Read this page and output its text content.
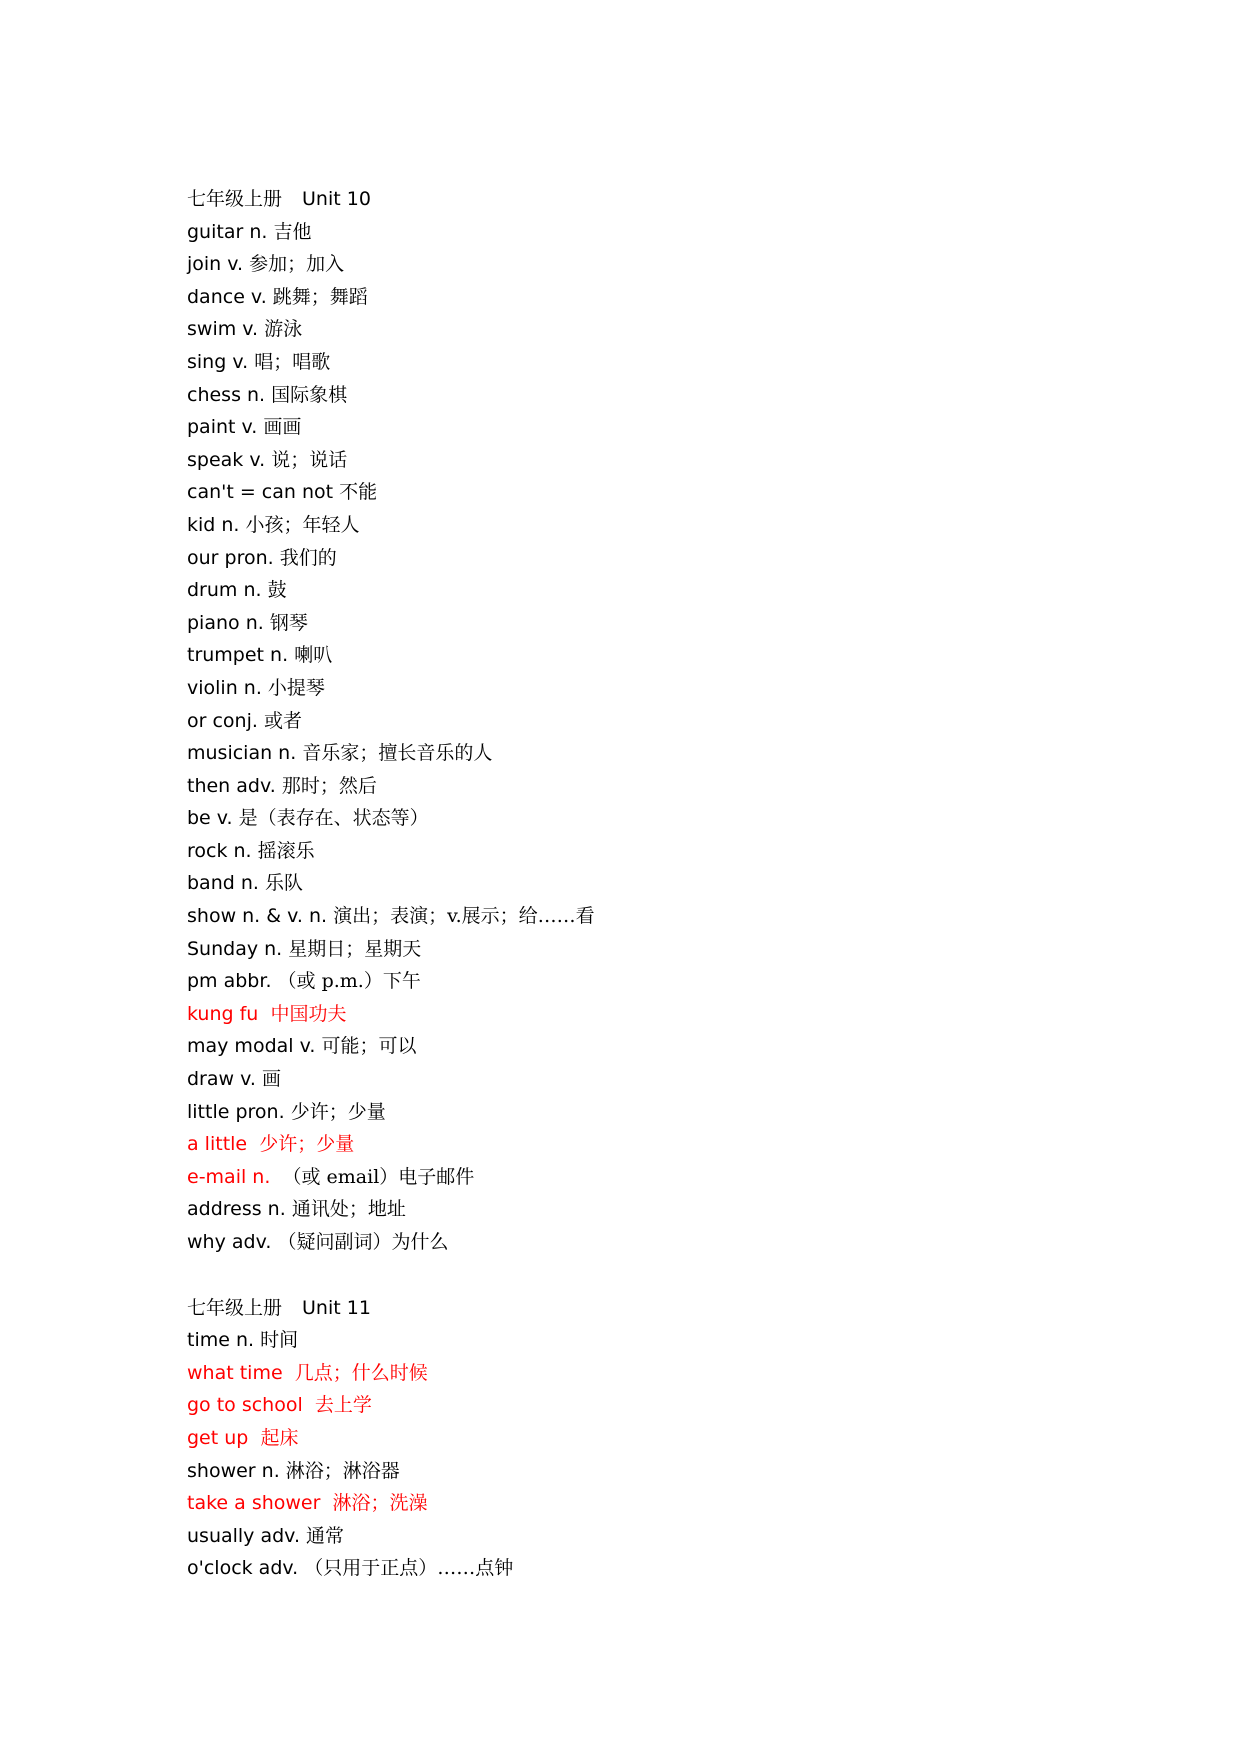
七年级上册 Unit 10
guitar n. 吉他
join v. 参加；加入
dance v. 跳舞；舞蹈
swim v. 游泳
sing v. 唱；唱歌
chess n. 国际象棋
paint v. 画画
speak v. 说；说话
can't = can not 不能
kid n. 小孩；年轻人
our pron. 我们的
drum n. 鼓
piano n. 钢琴
trumpet n. 喇叭
violin n. 小提琴
or conj. 或者
musician n. 音乐家；擅长音乐的人
then adv. 那时；然后
be v. 是（表存在、状态等）
rock n. 摇滚乐
band n. 乐队
show n. & v. n. 演出；表演；v.展示；给……看
Sunday n. 星期日；星期天
pm abbr. （或 p.m.）下午
kung fu 中国功夫
may modal v. 可能；可以
draw v. 画
little pron. 少许；少量
a little 少许；少量
e-mail n. （或 email）电子邮件
address n. 通讯处；地址
why adv. （疑问副词）为什么
七年级上册 Unit 11
time n. 时间
what time 几点；什么时候
go to school 去上学
get up 起床
shower n. 淋浴；淋浴器
take a shower 淋浴；洗澡
usually adv. 通常
o'clock adv. （只用于正点）……点钟
